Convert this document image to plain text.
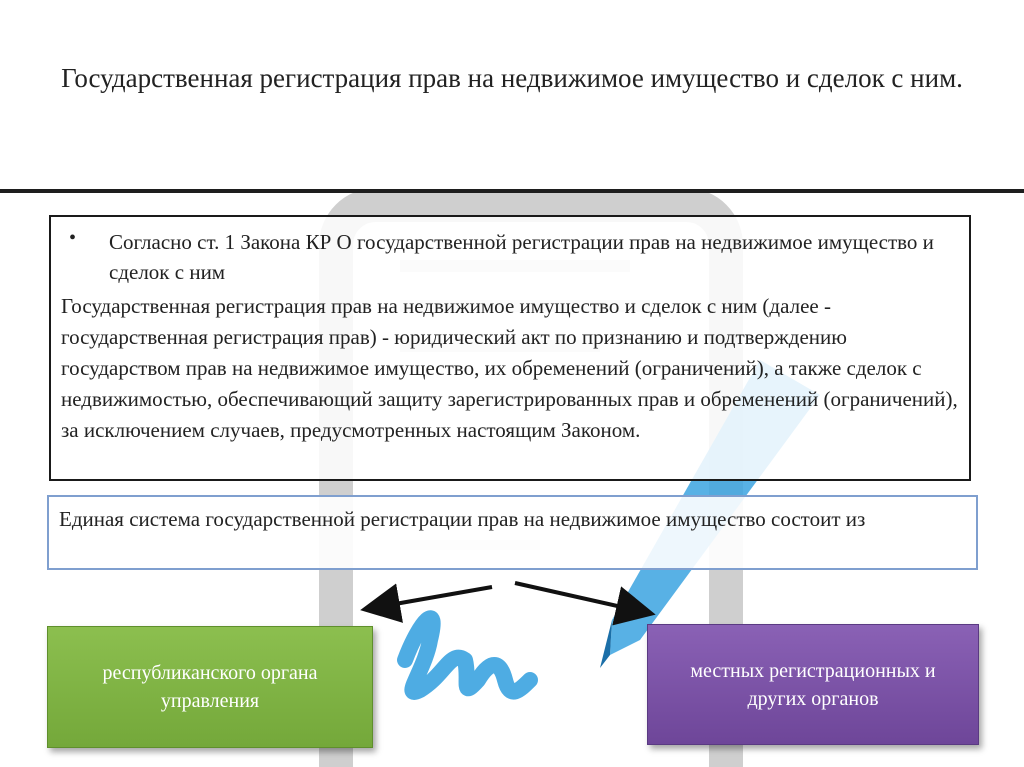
Государственная регистрация прав на недвижимое имущество и сделок с ним.
• Согласно ст. 1 Закона КР О государственной регистрации прав на недвижимое имущество и сделок с ним
Государственная регистрация прав на недвижимое имущество и сделок с ним (далее - государственная регистрация прав) - юридический акт по признанию и подтверждению государством прав на недвижимое имущество, их обременений (ограничений), а также сделок с недвижимостью, обеспечивающий защиту зарегистрированных прав и обременений (ограничений), за исключением случаев, предусмотренных настоящим Законом.
Единая система государственной регистрации прав на недвижимое имущество состоит из
республиканского органа управления
местных регистрационных и других органов
